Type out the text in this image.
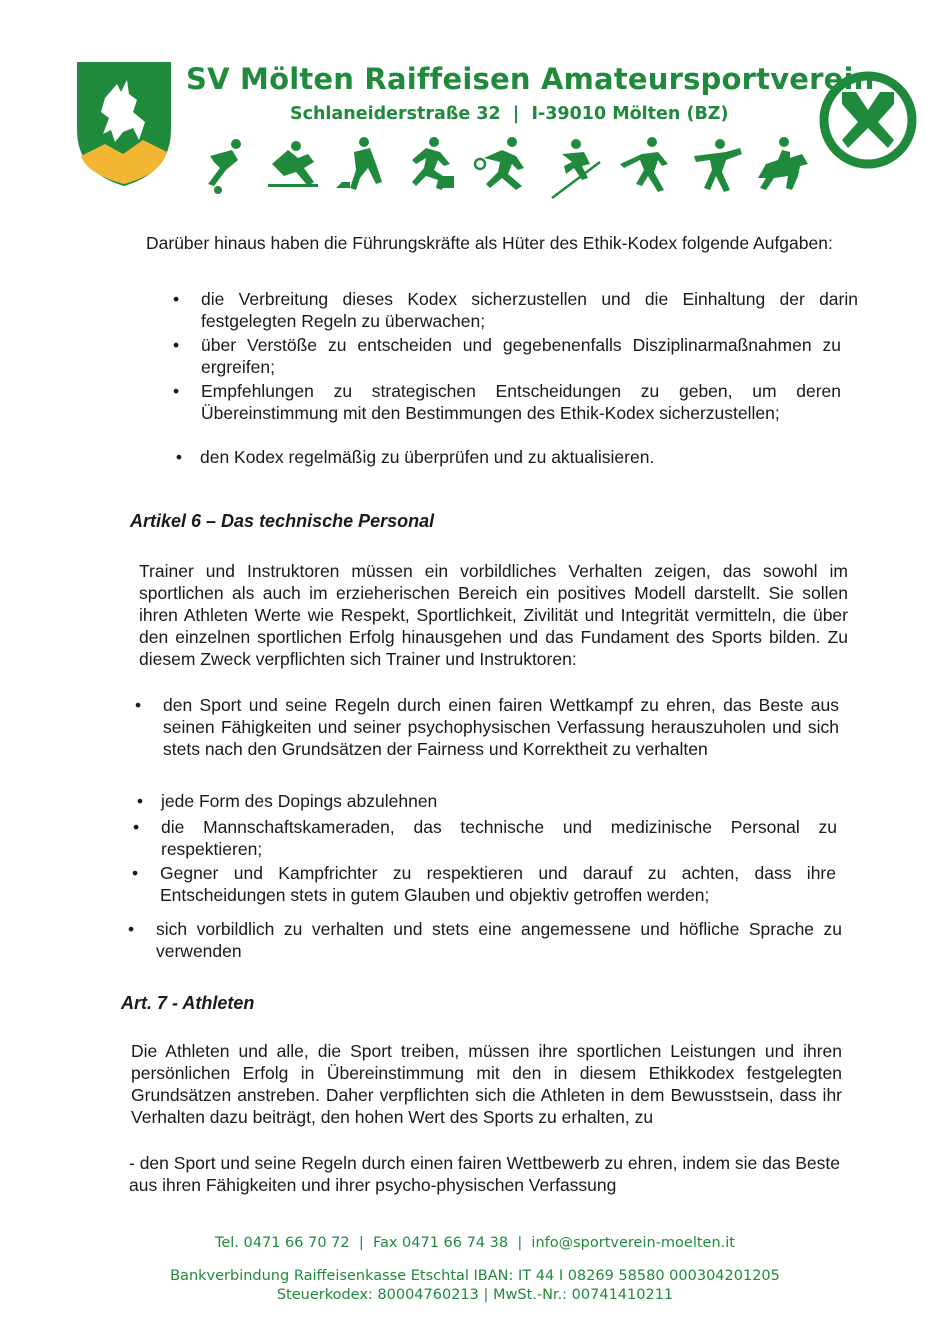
SV Mölten Raiffeisen Amateursportverein
Schlaneiderstraße 32  |  I-39010 Mölten (BZ)

Darüber hinaus haben die Führungskräfte als Hüter des Ethik-Kodex folgende Aufgaben:

•	die Verbreitung dieses Kodex sicherzustellen und die Einhaltung der darin festgelegten Regeln zu überwachen;
•	über Verstöße zu entscheiden und gegebenenfalls Disziplinarmaßnahmen zu ergreifen;
•	Empfehlungen zu strategischen Entscheidungen zu geben, um deren Übereinstimmung mit den Bestimmungen des Ethik-Kodex sicherzustellen;
• den Kodex regelmäßig zu überprüfen und zu aktualisieren.
Artikel 6 – Das technische Personal

Trainer und Instruktoren müssen ein vorbildliches Verhalten zeigen, das sowohl im sportlichen als auch im erzieherischen Bereich ein positives Modell darstellt. Sie sollen ihren Athleten Werte wie Respekt, Sportlichkeit, Zivilität und Integrität vermitteln, die über den einzelnen sportlichen Erfolg hinausgehen und das Fundament des Sports bilden. Zu diesem Zweck verpflichten sich Trainer und Instruktoren:

•	den Sport und seine Regeln durch einen fairen Wettkampf zu ehren, das Beste aus seinen Fähigkeiten und seiner psychophysischen Verfassung herauszuholen und sich stets nach den Grundsätzen der Fairness und Korrektheit zu verhalten
• jede Form des Dopings abzulehnen
•	die Mannschaftskameraden, das technische und medizinische Personal zu respektieren;
•	Gegner und Kampfrichter zu respektieren und darauf zu achten, dass ihre Entscheidungen stets in gutem Glauben und objektiv getroffen werden;
•	sich vorbildlich zu verhalten und stets eine angemessene und höfliche Sprache zu verwenden
Art. 7 - Athleten

Die Athleten und alle, die Sport treiben, müssen ihre sportlichen Leistungen und ihren persönlichen Erfolg in Übereinstimmung mit den in diesem Ethikkodex festgelegten Grundsätzen anstreben. Daher verpflichten sich die Athleten in dem Bewusstsein, dass ihr Verhalten dazu beiträgt, den hohen Wert des Sports zu erhalten, zu

- den Sport und seine Regeln durch einen fairen Wettbewerb zu ehren, indem sie das Beste aus ihren Fähigkeiten und ihrer psycho-physischen Verfassung

Tel. 0471 66 70 72  |  Fax 0471 66 74 38  |  info@sportverein-moelten.it
Bankverbindung Raiffeisenkasse Etschtal IBAN: IT 44 I 08269 58580 000304201205
Steuerkodex: 80004760213 | MwSt.-Nr.: 00741410211
